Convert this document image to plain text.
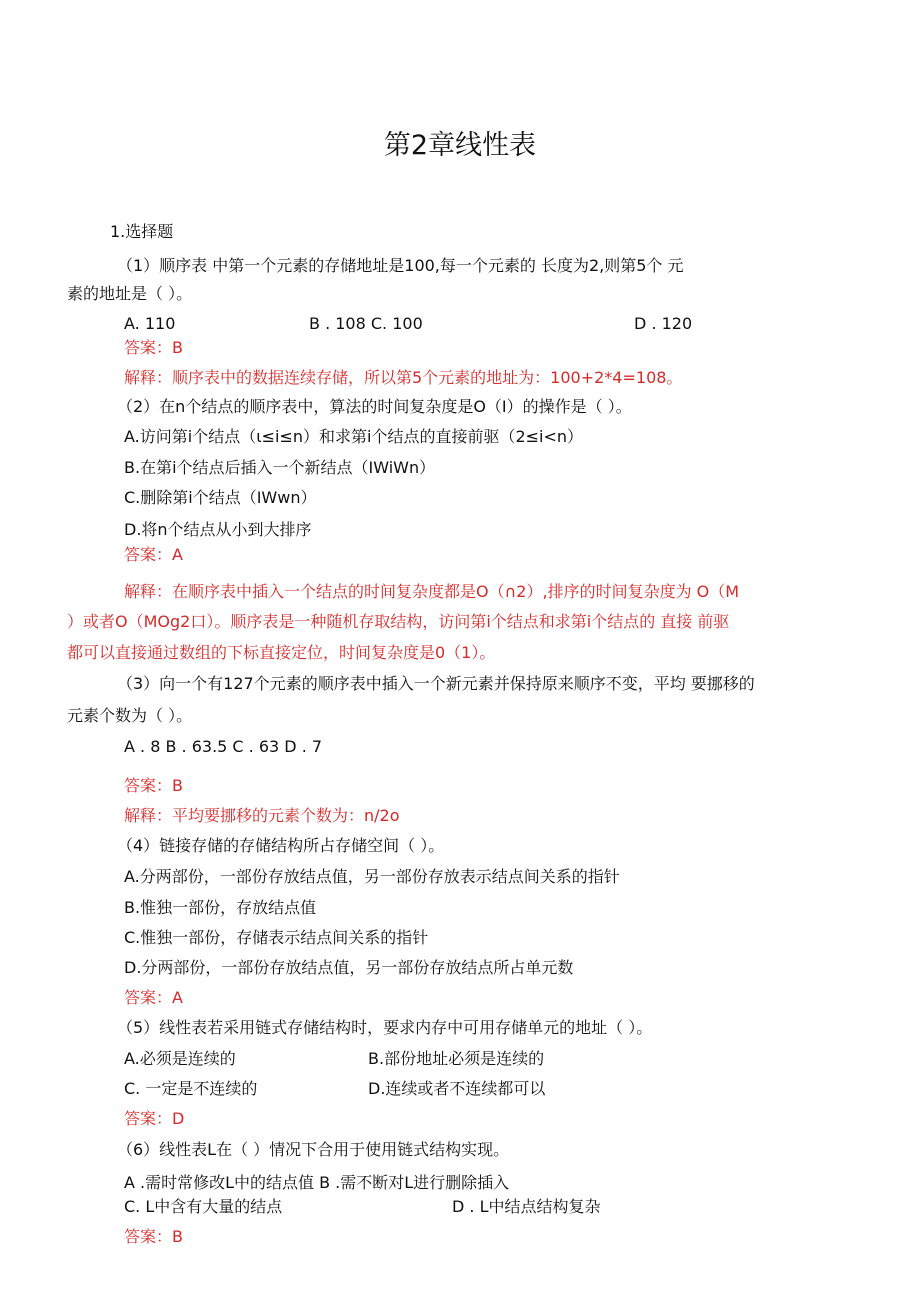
第2章线性表
1.选择题
（1）顺序表 中第一个元素的存储地址是100,每一个元素的 长度为2,则第5个 元
素的地址是（ ）。
A. 110	B . 108 C. 100	D . 120
答案：B
解释：顺序表中的数据连续存储，所以第5个元素的地址为：100+2*4=108。
（2）在n个结点的顺序表中，算法的时间复杂度是O（I）的操作是（ ）。
A.访问第i个结点（ι≤i≤n）和求第i个结点的直接前驱（2≤i<n）
B.在第i个结点后插入一个新结点（IWiWn）
C.删除第i个结点（IWwn）
D.将n个结点从小到大排序
答案：A
解释：在顺序表中插入一个结点的时间复杂度都是O（∩2）,排序的时间复杂度为 O（M
）或者O（MOg2口）。顺序表是一种随机存取结构，访问第i个结点和求第i个结点的 直接 前驱
都可以直接通过数组的下标直接定位，时间复杂度是0（1）。
（3）向一个有127个元素的顺序表中插入一个新元素并保持原来顺序不变，平均 要挪移的
元素个数为（ ）。
A . 8 B . 63.5 C . 63 D . 7
答案：B
解释：平均要挪移的元素个数为：n∕2o
（4）链接存储的存储结构所占存储空间（ ）。
A.分两部份，一部份存放结点值，另一部份存放表示结点间关系的指针
B.惟独一部份，存放结点值
C.惟独一部份，存储表示结点间关系的指针
D.分两部份，一部份存放结点值，另一部份存放结点所占单元数
答案：A
（5）线性表若采用链式存储结构时，要求内存中可用存储单元的地址（ ）。
A.必须是连续的	B.部份地址必须是连续的
C. 一定是不连续的	D.连续或者不连续都可以
答案：D
（6）线性表L在（ ）情况下合用于使用链式结构实现。
A .需时常修改L中的结点值 B .需不断对L进行删除插入
C. L中含有大量的结点	D . L中结点结构复杂
答案：B
